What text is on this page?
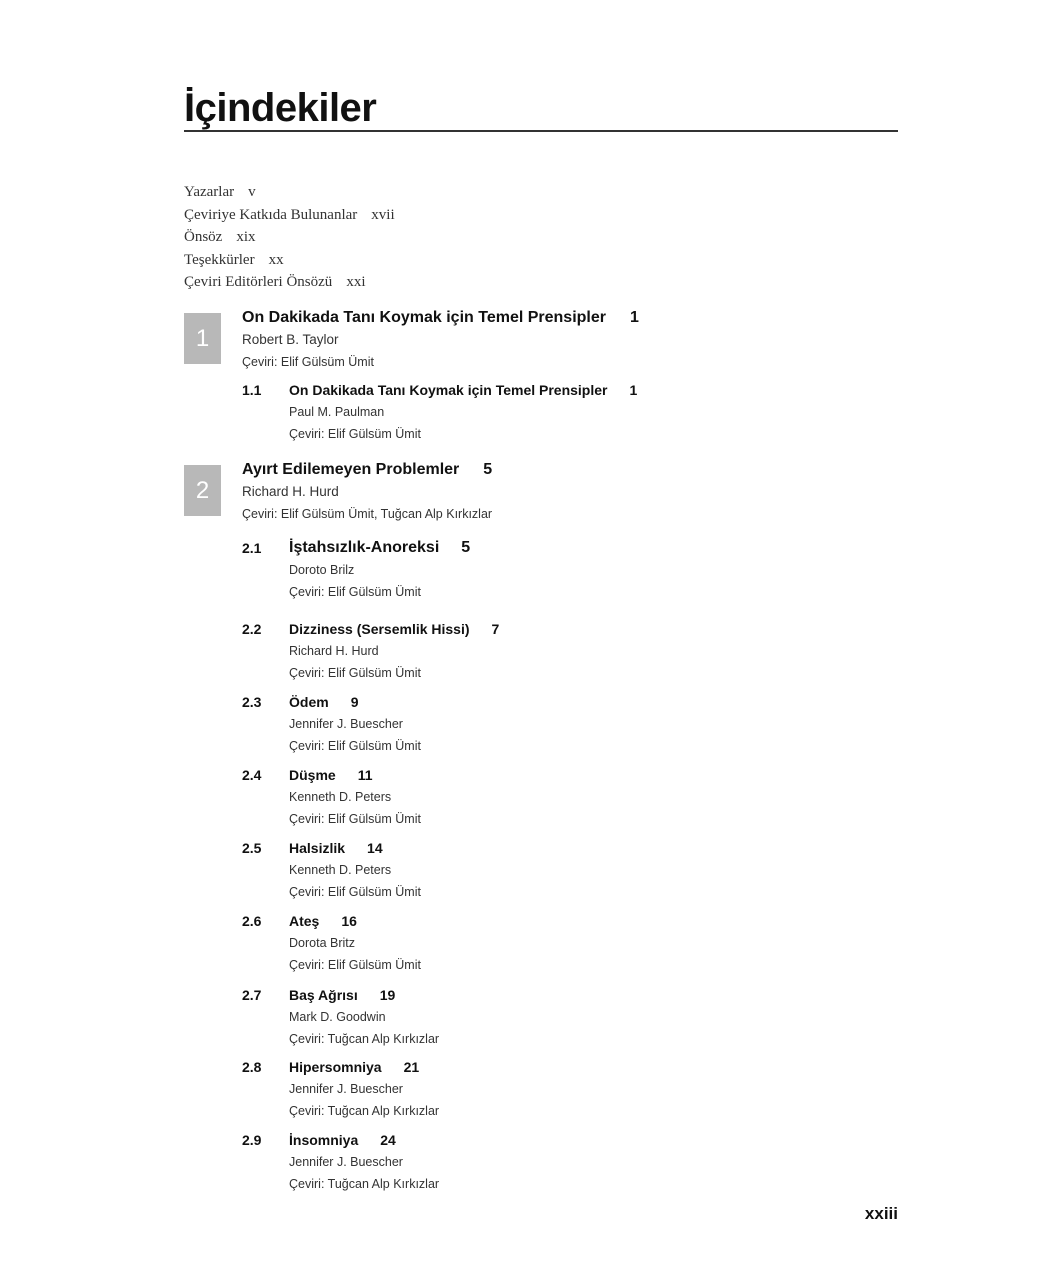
İçindekiler
Yazarlar v
Çeviriye Katkıda Bulunanlar xvii
Önsöz xix
Teşekkürler xx
Çeviri Editörleri Önsözü xxi
1
On Dakikada Tanı Koymak için Temel Prensipler 1
Robert B. Taylor
Çeviri: Elif Gülsüm Ümit
1.1 On Dakikada Tanı Koymak için Temel Prensipler 1
Paul M. Paulman
Çeviri: Elif Gülsüm Ümit
2
Ayırt Edilemeyen Problemler 5
Richard H. Hurd
Çeviri: Elif Gülsüm Ümit, Tuğcan Alp Kırkızlar
2.1 İştahsızlık-Anoreksi 5
Doroto Brilz
Çeviri: Elif Gülsüm Ümit
2.2 Dizziness (Sersemlik Hissi) 7
Richard H. Hurd
Çeviri: Elif Gülsüm Ümit
2.3 Ödem 9
Jennifer J. Buescher
Çeviri: Elif Gülsüm Ümit
2.4 Düşme 11
Kenneth D. Peters
Çeviri: Elif Gülsüm Ümit
2.5 Halsizlik 14
Kenneth D. Peters
Çeviri: Elif Gülsüm Ümit
2.6 Ateş 16
Dorota Britz
Çeviri: Elif Gülsüm Ümit
2.7 Baş Ağrısı 19
Mark D. Goodwin
Çeviri: Tuğcan Alp Kırkızlar
2.8 Hipersomniya 21
Jennifer J. Buescher
Çeviri: Tuğcan Alp Kırkızlar
2.9 İnsomniya 24
Jennifer J. Buescher
Çeviri: Tuğcan Alp Kırkızlar
xxiii
